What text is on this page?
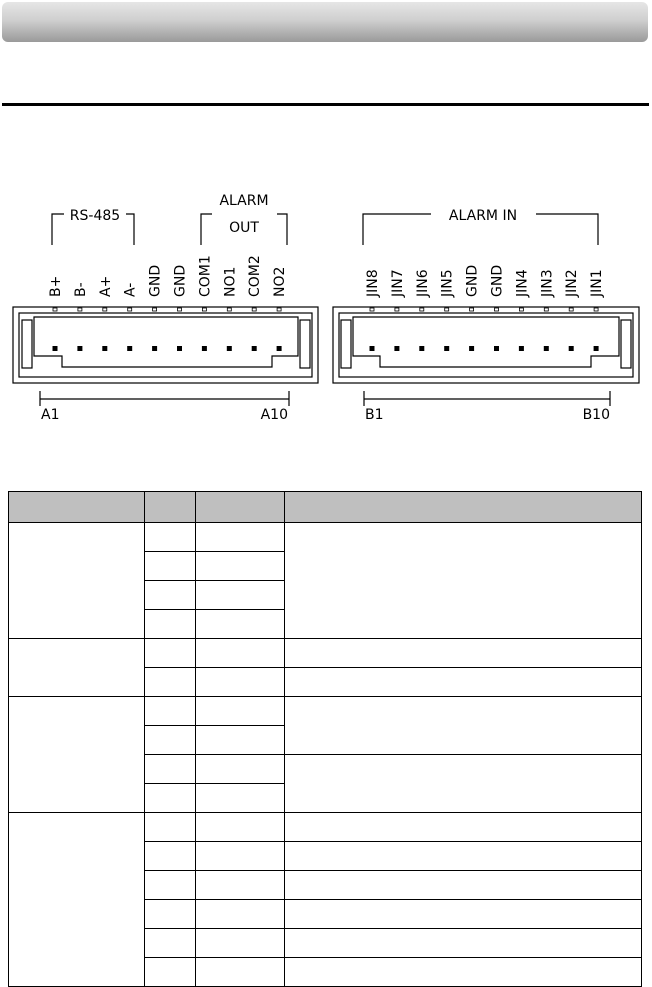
RS-485
ALARM
OUT
ALARM IN
B+ B- A+ A- GND GND COM1 NO1 COM2 NO2	JIN8 JIN7 JIN6 JIN5 GND GND JIN4 JIN3 JIN2 JIN1
A1	A10	B1	B10
